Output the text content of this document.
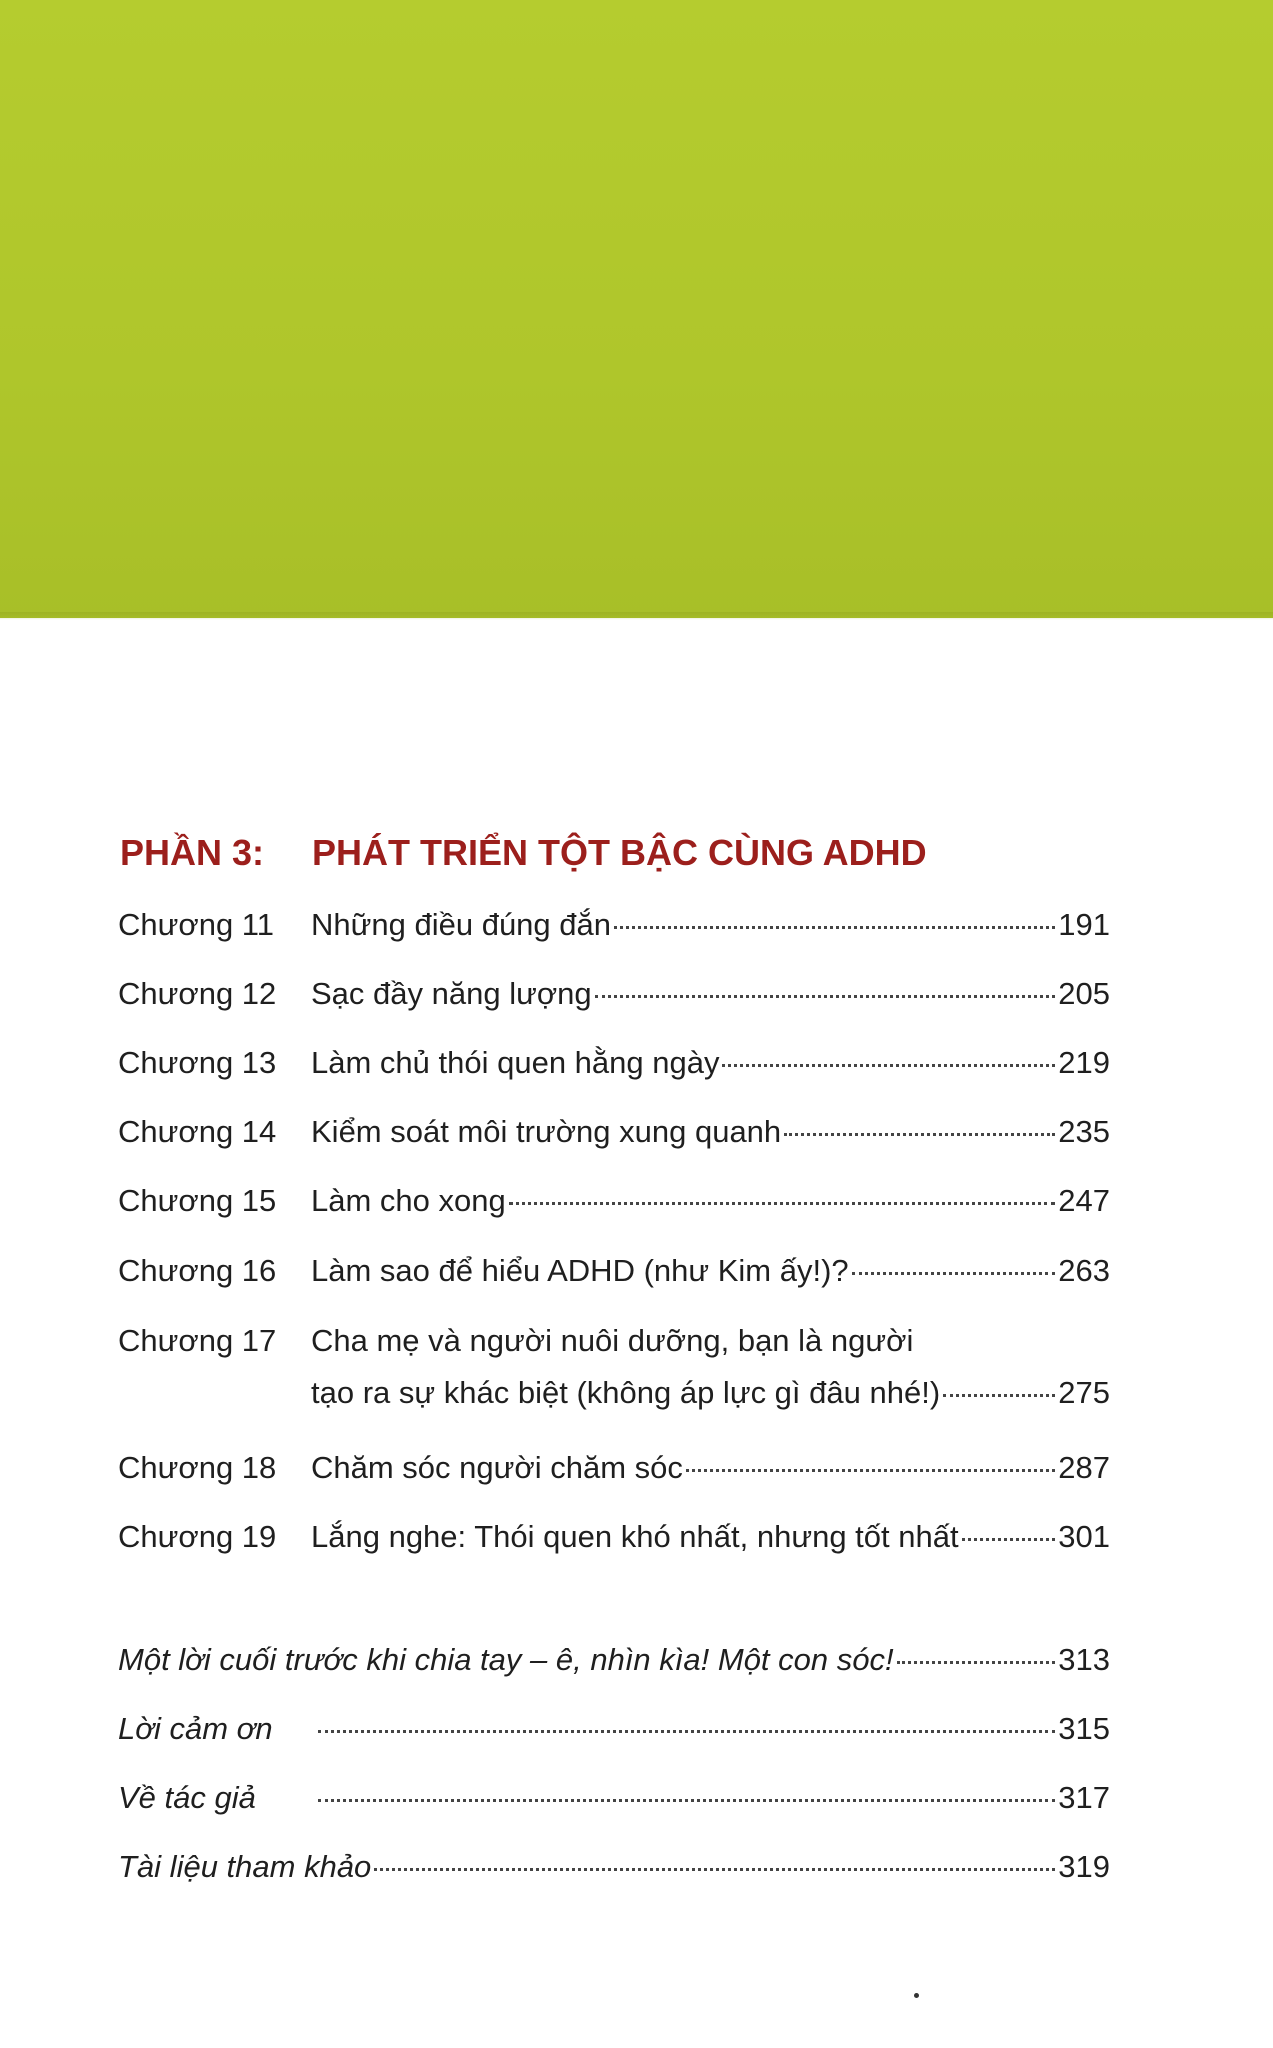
PHẦN 3: PHÁT TRIỂN TỘT BẬC CÙNG ADHD
Chương 11 Những điều đúng đắn	191
Chương 12 Sạc đầy năng lượng	205
Chương 13 Làm chủ thói quen hằng ngày	219
Chương 14 Kiểm soát môi trường xung quanh	235
Chương 15 Làm cho xong	247
Chương 16 Làm sao để hiểu ADHD (như Kim ấy!)?	263
Chương 17 Cha mẹ và người nuôi dưỡng, bạn là người
tạo ra sự khác biệt (không áp lực gì đâu nhé!)	275
Chương 18 Chăm sóc người chăm sóc	287
Chương 19 Lắng nghe: Thói quen khó nhất, nhưng tốt nhất	301
Một lời cuối trước khi chia tay – ê, nhìn kìa! Một con sóc!	313
Lời cảm ơn	315
Về tác giả	317
Tài liệu tham khảo	319
